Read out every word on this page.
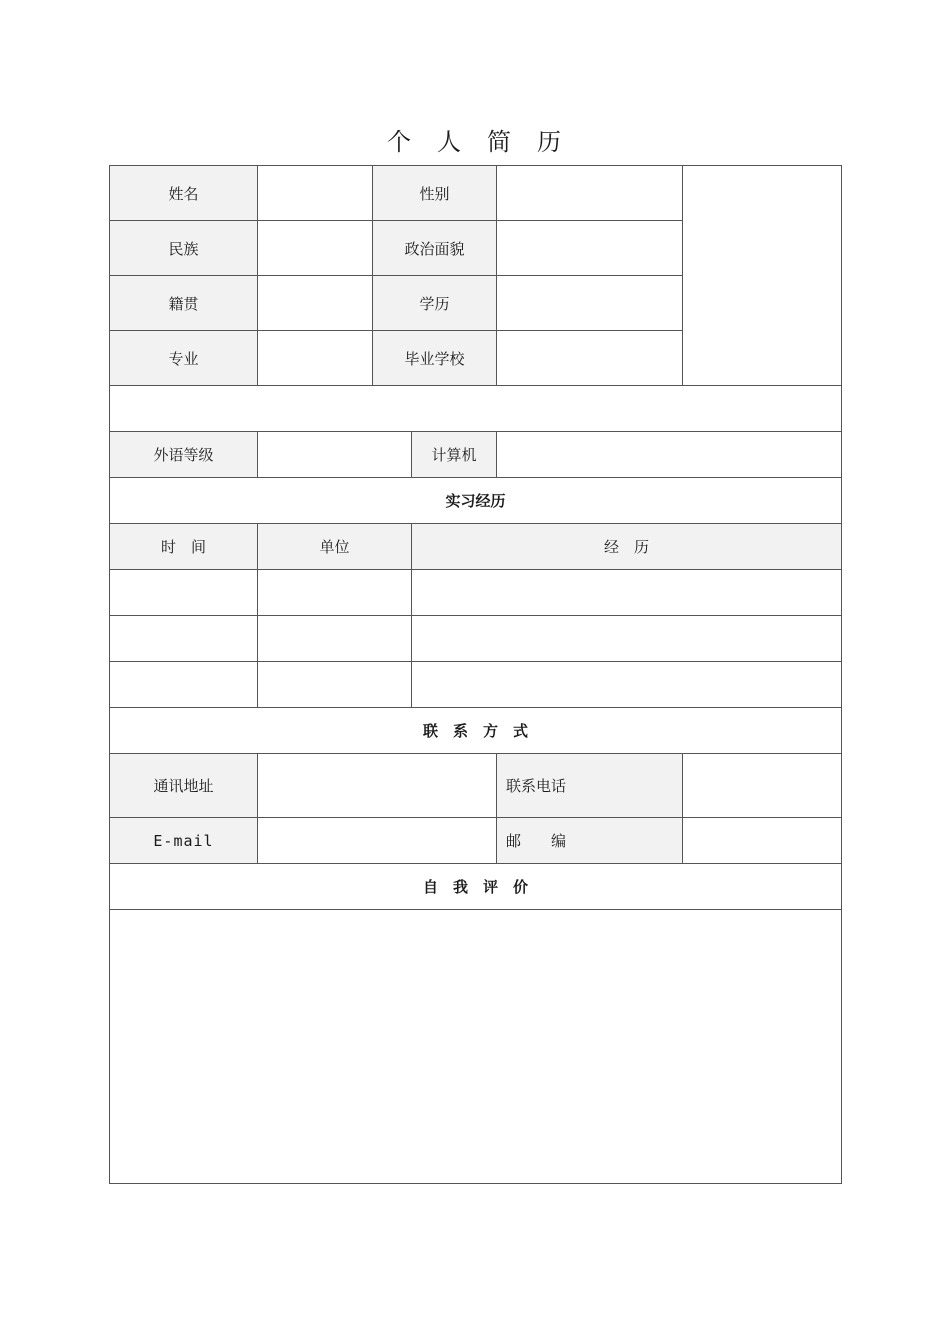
个 人 简 历
姓名		性别			
民族		政治面貌			
籍贯		学历			
专业		毕业学校			

外语等级			计算机		
实习经历					
时　间	单位		经　历		

联　系　方　式					
通讯地址				联系电话	
E-mail				邮　　编	
自　我　评　价					
